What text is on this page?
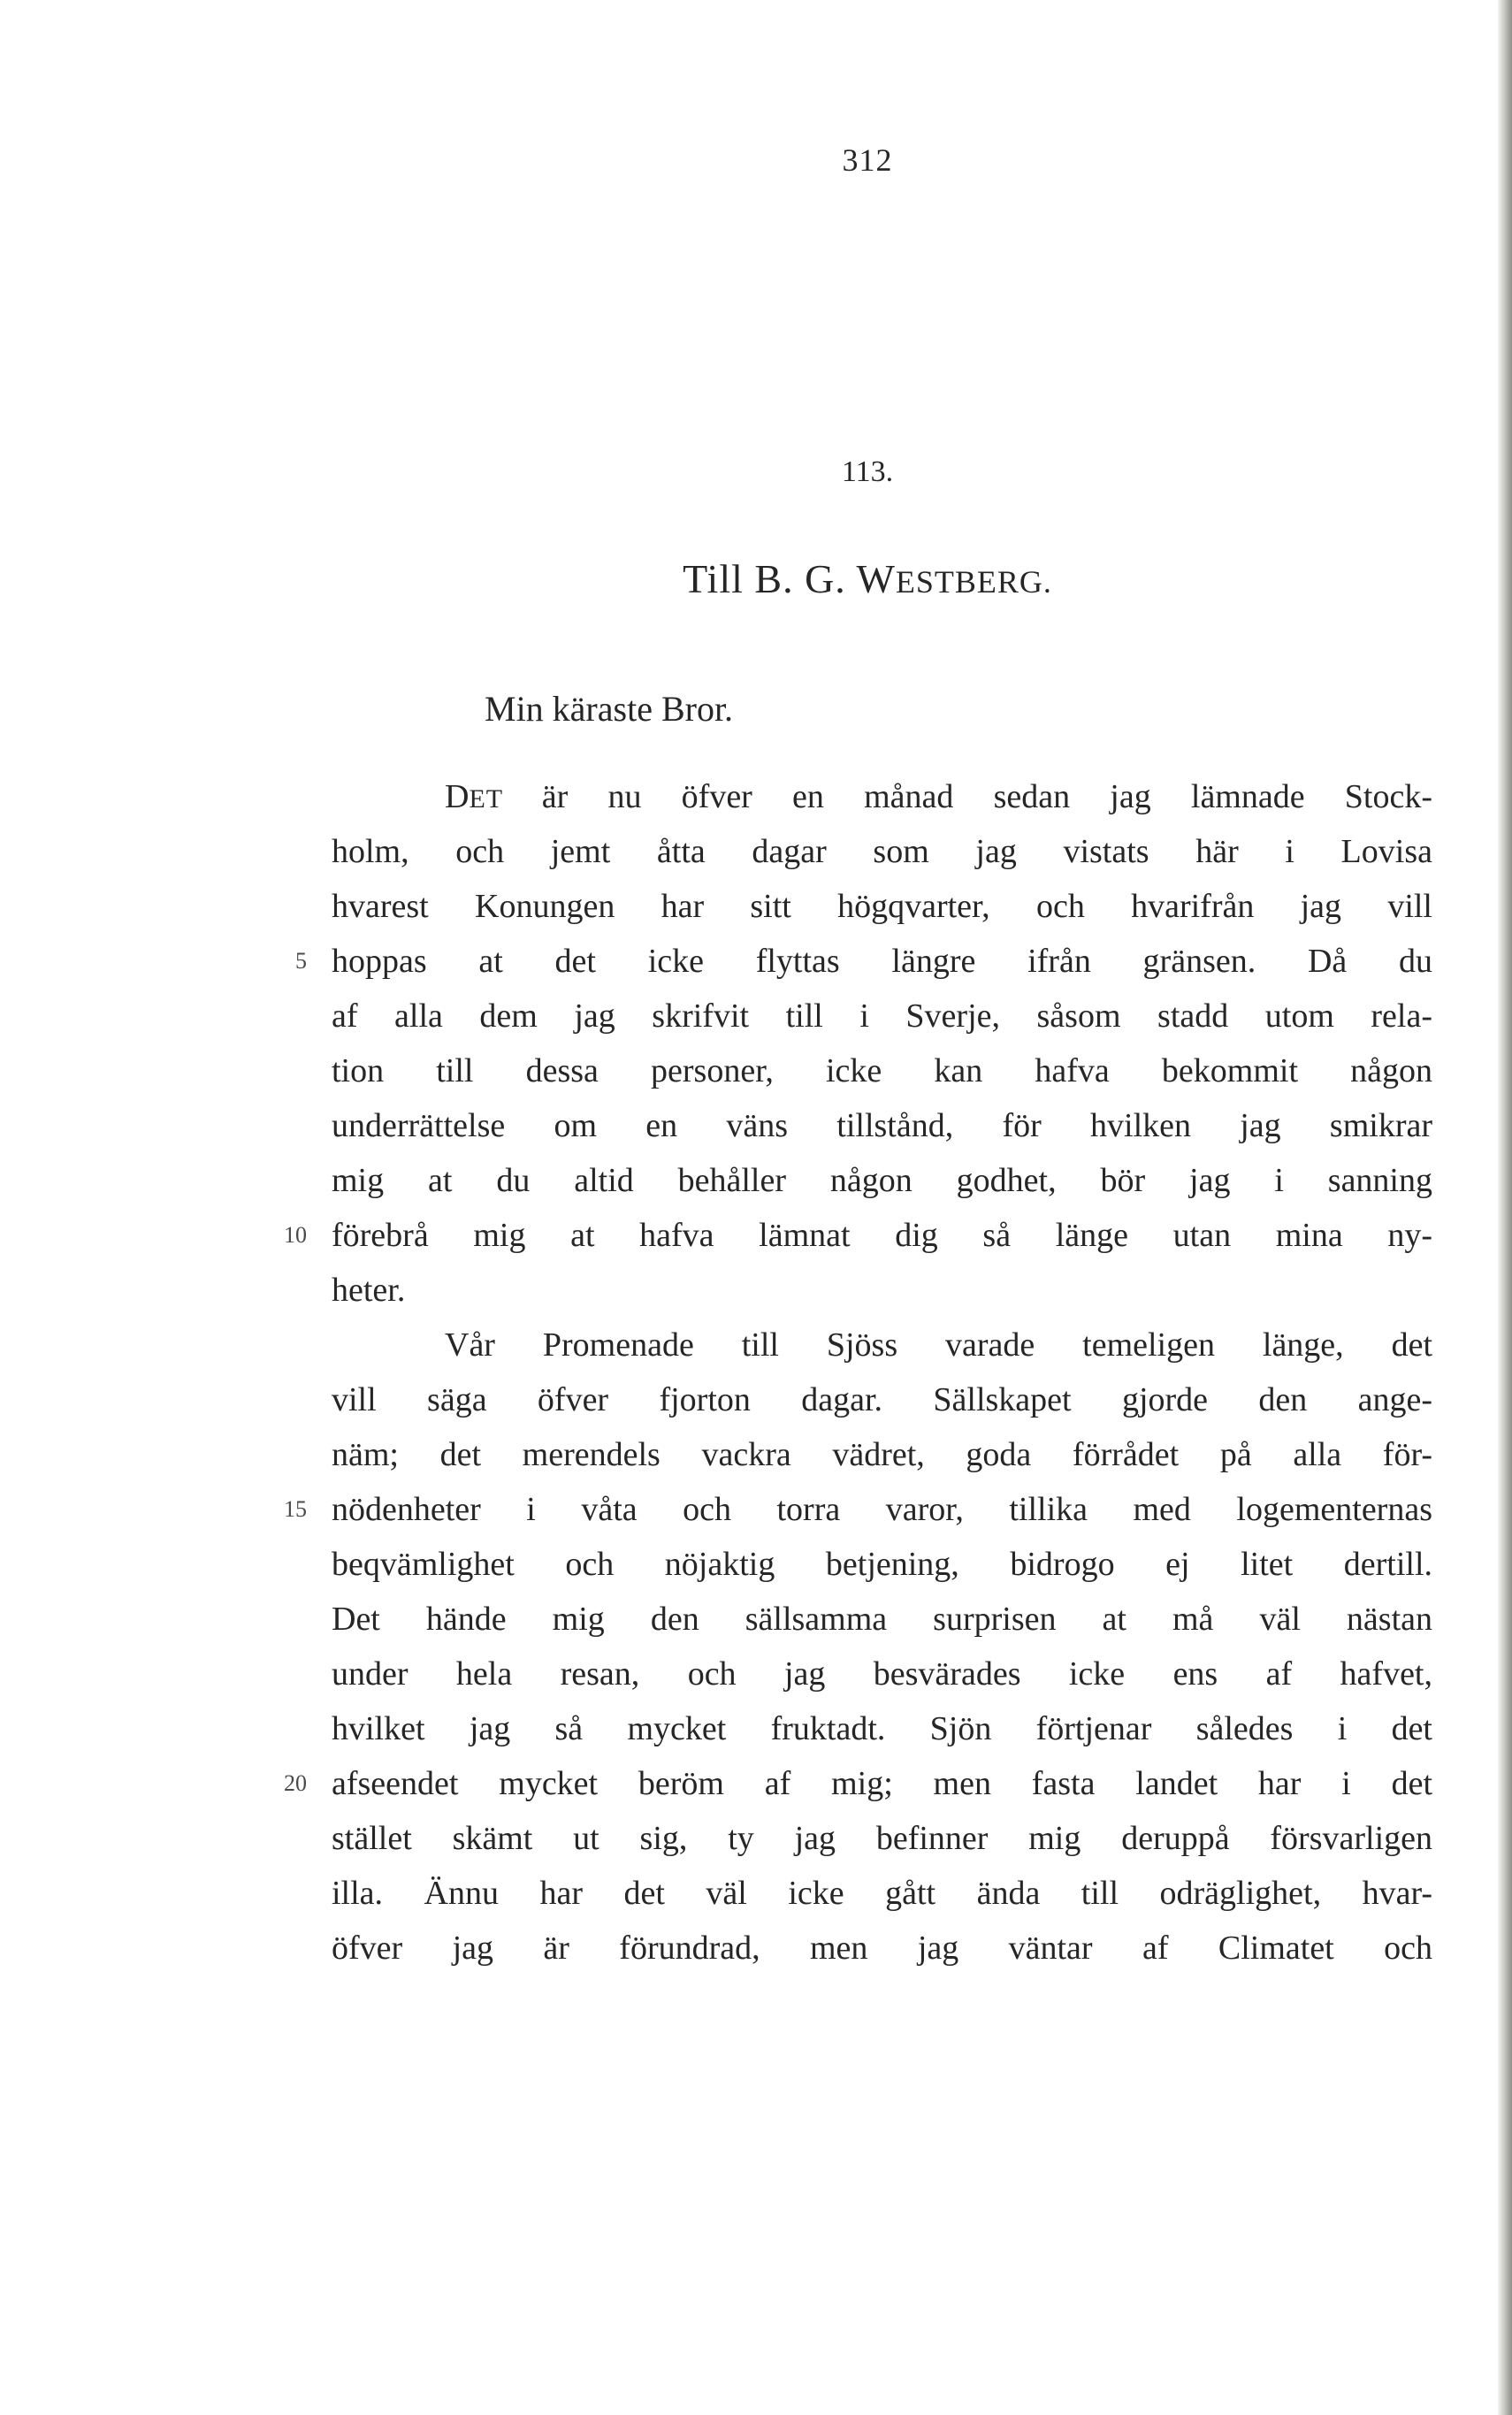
312
113.
Till B. G. WESTBERG.
Min käraste Bror.
DET är nu öfver en månad sedan jag lämnade Stock-
holm, och jemt åtta dagar som jag vistats här i Lovisa
hvarest Konungen har sitt högqvarter, och hvarifrån jag vill
5 hoppas at det icke flyttas längre ifrån gränsen. Då du
af alla dem jag skrifvit till i Sverje, såsom stadd utom rela-
tion till dessa personer, icke kan hafva bekommit någon
underrättelse om en väns tillstånd, för hvilken jag smikrar
mig at du altid behåller någon godhet, bör jag i sanning
10 förebrå mig at hafva lämnat dig så länge utan mina ny-
heter.
Vår Promenade till Sjöss varade temeligen länge, det
vill säga öfver fjorton dagar. Sällskapet gjorde den ange-
näm; det merendels vackra vädret, goda förrådet på alla för-
15 nödenheter i våta och torra varor, tillika med logementernas
beqvämlighet och nöjaktig betjening, bidrogo ej litet dertill.
Det hände mig den sällsamma surprisen at må väl nästan
under hela resan, och jag besvärades icke ens af hafvet,
hvilket jag så mycket fruktadt. Sjön förtjenar således i det
20 afseendet mycket beröm af mig; men fasta landet har i det
stället skämt ut sig, ty jag befinner mig deruppå försvarligen
illa. Ännu har det väl icke gått ända till odräglighet, hvar-
öfver jag är förundrad, men jag väntar af Climatet och
